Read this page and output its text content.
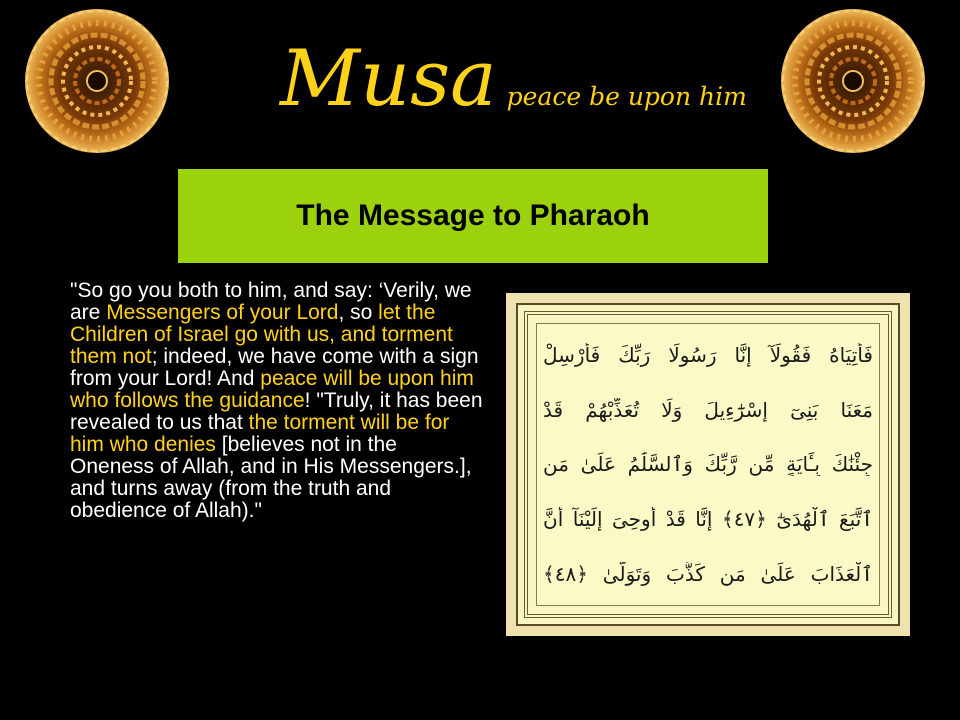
Musa peace be upon him
The Message to Pharaoh
"So go you both to him, and say: ‘Verily, we are Messengers of your Lord, so let the Children of Israel go with us, and torment them not; indeed, we have come with a sign from your Lord! And peace will be upon him who follows the guidance! "Truly, it has been revealed to us that the torment will be for him who denies [believes not in the Oneness of Allah, and in His Messengers.], and turns away (from the truth and obedience of Allah)."
فَأْتِيَاهُ فَقُولَآ إِنَّا رَسُولَا رَبِّكَ فَأَرْسِلْ
مَعَنَا بَنِىٓ إِسْرَٰٓءِيلَ وَلَا تُعَذِّبْهُمْ قَدْ
جِئْنَٰكَ بِـَٔايَةٍ مِّن رَّبِّكَ وَٱلسَّلَٰمُ عَلَىٰ مَنِ
ٱتَّبَعَ ٱلْهُدَىٰٓ ﴿٤٧﴾ إِنَّا قَدْ أُوحِىَ إِلَيْنَآ أَنَّ
ٱلْعَذَابَ عَلَىٰ مَن كَذَّبَ وَتَوَلَّىٰ ﴿٤٨﴾
